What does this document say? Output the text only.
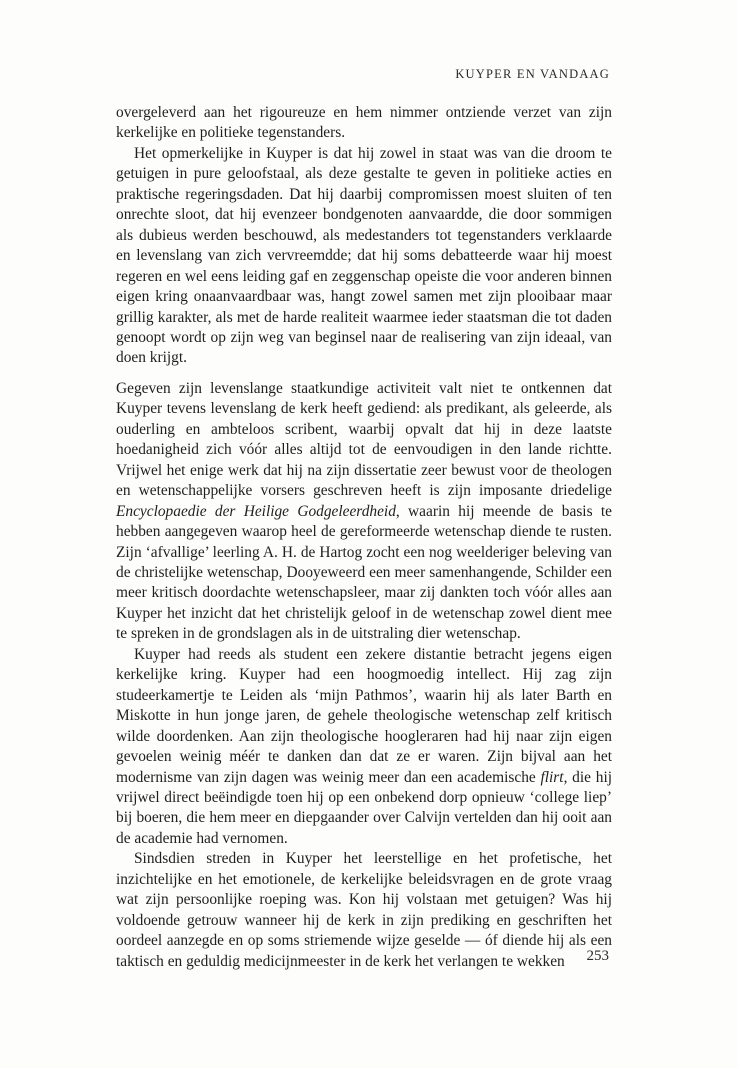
KUYPER EN VANDAAG

overgeleverd aan het rigoureuze en hem nimmer ontziende verzet van zijn kerkelijke en politieke tegenstanders.

Het opmerkelijke in Kuyper is dat hij zowel in staat was van die droom te getuigen in pure geloofstaal, als deze gestalte te geven in politieke acties en praktische regeringsdaden. Dat hij daarbij compromissen moest sluiten of ten onrechte sloot, dat hij evenzeer bondgenoten aanvaardde, die door sommigen als dubieus werden beschouwd, als medestanders tot tegenstanders verklaarde en levenslang van zich vervreemdde; dat hij soms debatteerde waar hij moest regeren en wel eens leiding gaf en zeggenschap opeiste die voor anderen binnen eigen kring onaanvaardbaar was, hangt zowel samen met zijn plooibaar maar grillig karakter, als met de harde realiteit waarmee ieder staatsman die tot daden genoopt wordt op zijn weg van beginsel naar de realisering van zijn ideaal, van doen krijgt.

Gegeven zijn levenslange staatkundige activiteit valt niet te ontkennen dat Kuyper tevens levenslang de kerk heeft gediend: als predikant, als geleerde, als ouderling en ambteloos scribent, waarbij opvalt dat hij in deze laatste hoedanigheid zich vóór alles altijd tot de eenvoudigen in den lande richtte. Vrijwel het enige werk dat hij na zijn dissertatie zeer bewust voor de theologen en wetenschappelijke vorsers geschreven heeft is zijn imposante driedelige Encyclopaedie der Heilige Godgeleerdheid, waarin hij meende de basis te hebben aangegeven waarop heel de gereformeerde wetenschap diende te rusten. Zijn ‘afvallige’ leerling A. H. de Hartog zocht een nog weelderiger beleving van de christelijke wetenschap, Dooyeweerd een meer samenhangende, Schilder een meer kritisch doordachte wetenschapsleer, maar zij dankten toch vóór alles aan Kuyper het inzicht dat het christelijk geloof in de wetenschap zowel dient mee te spreken in de grondslagen als in de uitstraling dier wetenschap.

Kuyper had reeds als student een zekere distantie betracht jegens eigen kerkelijke kring. Kuyper had een hoogmoedig intellect. Hij zag zijn studeerkamertje te Leiden als ‘mijn Pathmos’, waarin hij als later Barth en Miskotte in hun jonge jaren, de gehele theologische wetenschap zelf kritisch wilde doordenken. Aan zijn theologische hoogleraren had hij naar zijn eigen gevoelen weinig méér te danken dan dat ze er waren. Zijn bijval aan het modernisme van zijn dagen was weinig meer dan een academische flirt, die hij vrijwel direct beëindigde toen hij op een onbekend dorp opnieuw ‘college liep’ bij boeren, die hem meer en diepgaander over Calvijn vertelden dan hij ooit aan de academie had vernomen.

Sindsdien streden in Kuyper het leerstellige en het profetische, het inzichtelijke en het emotionele, de kerkelijke beleidsvragen en de grote vraag wat zijn persoonlijke roeping was. Kon hij volstaan met getuigen? Was hij voldoende getrouw wanneer hij de kerk in zijn prediking en geschriften het oordeel aanzegde en op soms striemende wijze geselde — óf diende hij als een taktisch en geduldig medicijnmeester in de kerk het verlangen te wekken	253
